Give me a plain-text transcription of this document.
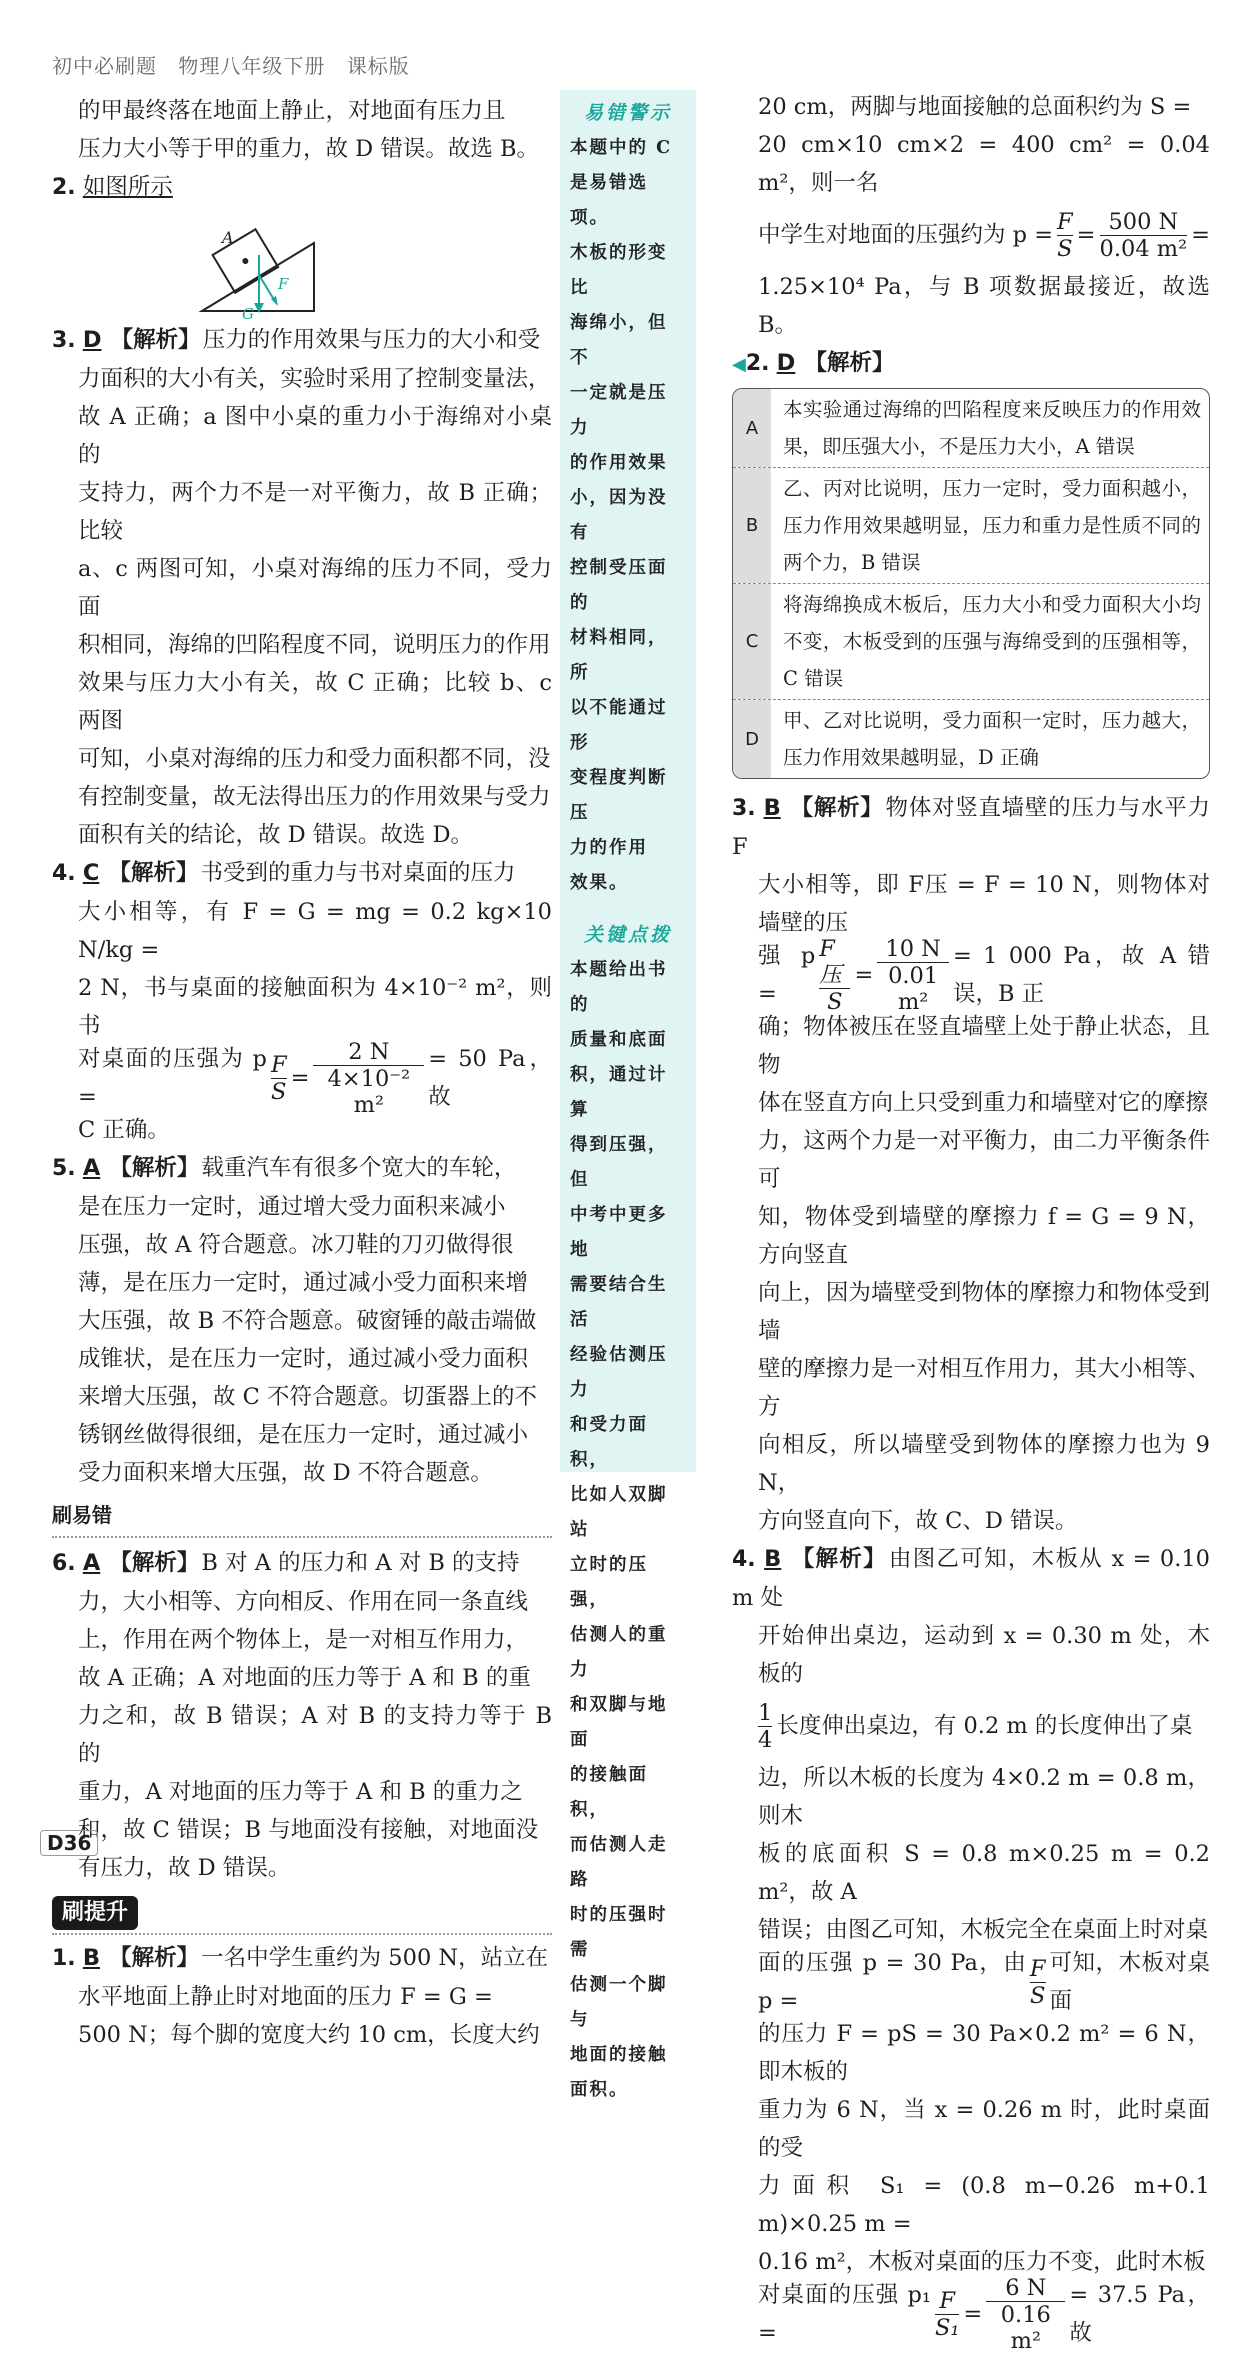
初中必刷题 物理八年级下册 课标版

的甲最终落在地面上静止，对地面有压力且

压力大小等于甲的重力，故 D 错误。故选 B。

2. 如图所示

A
F
G

3. D 【解析】压力的作用效果与压力的大小和受

力面积的大小有关，实验时采用了控制变量法，

故 A 正确；a 图中小桌的重力小于海绵对小桌的

支持力，两个力不是一对平衡力，故 B 正确；比较

a、c 两图可知，小桌对海绵的压力不同，受力面

积相同，海绵的凹陷程度不同，说明压力的作用

效果与压力大小有关，故 C 正确；比较 b、c 两图

可知，小桌对海绵的压力和受力面积都不同，没

有控制变量，故无法得出压力的作用效果与受力

面积有关的结论，故 D 错误。故选 D。

4. C 【解析】书受到的重力与书对桌面的压力

大小相等，有 F = G = mg = 0.2 kg×10 N/kg =

2 N，书与桌面的接触面积为 4×10⁻² m²，则书

对桌面的压强为 p =	$\frac{F}{S} = \frac{2 N}{\text{4×10⁻² m²}} = 50$ Pa，故

C 正确。

5. A 【解析】载重汽车有很多个宽大的车轮，

是在压力一定时，通过增大受力面积来减小

压强，故 A 符合题意。冰刀鞋的刀刃做得很

薄，是在压力一定时，通过减小受力面积来增

大压强，故 B 不符合题意。破窗锤的敲击端做

成锥状，是在压力一定时，通过减小受力面积

来增大压强，故 C 不符合题意。切蛋器上的不

锈钢丝做得很细，是在压力一定时，通过减小

受力面积来增大压强，故 D 不符合题意。

刷易错

6. A 【解析】B 对 A 的压力和 A 对 B 的支持

力，大小相等、方向相反、作用在同一条直线

上，作用在两个物体上，是一对相互作用力，

故 A 正确；A 对地面的压力等于 A 和 B 的重

力之和，故 B 错误；A 对 B 的支持力等于 B 的

重力，A 对地面的压力等于 A 和 B 的重力之

和，故 C 错误；B 与地面没有接触，对地面没

有压力，故 D 错误。

刷提升

1. B 【解析】一名中学生重约为 500 N，站立在

水平地面上静止时对地面的压力 F = G =

500 N；每个脚的宽度大约 10 cm，长度大约

易错警示
本题中的 C
是易错选项。
木板的形变比
海绵小，但不
一定就是压力
的作用效果
小，因为没有
控制受压面的
材料相同，所
以不能通过形
变程度判断压
力的作用
效果。
关键点拨
本题给出书的
质量和底面
积，通过计算
得到压强，但
中考中更多地
需要结合生活
经验估测压力
和受力面积，
比如人双脚站
立时的压强，
估测人的重力
和双脚与地面
的接触面积，
而估测人走路
时的压强时需
估测一个脚与
地面的接触
面积。

20 cm，两脚与地面接触的总面积约为 S =

20 cm×10 cm×2 = 400 cm² = 0.04 m²，则一名

中学生对地面的压强约为 $p = \frac{F}{S} = \frac{500 N}{\text{0.04 m²}}$ =

1.25×10⁴ Pa，与 B 项数据最接近，故选 B。

◀2. D 【解析】

A
本实验通过海绵的凹陷程度来反映压力的作用效果，即压强大小，不是压力大小，A 错误
B
乙、丙对比说明，压力一定时，受力面积越小，压力作用效果越明显，压力和重力是性质不同的两个力，B 错误
C
将海绵换成木板后，压力大小和受力面积大小均不变，木板受到的压强与海绵受到的压强相等，C 错误
D
甲、乙对比说明，受力面积一定时，压力越大，压力作用效果越明显，D 正确

3. B 【解析】物体对竖直墙壁的压力与水平力 F

大小相等，即 F压 = F = 10 N，则物体对墙壁的压

强 p =
F压
S
= $\frac{10 N}{\text{0.01 m²}} = 1$ 000 Pa，故 A 错误，B 正

确；物体被压在竖直墙壁上处于静止状态，且物

体在竖直方向上只受到重力和墙壁对它的摩擦

力，这两个力是一对平衡力，由二力平衡条件可

知，物体受到墙壁的摩擦力 f = G = 9 N，方向竖直

向上，因为墙壁受到物体的摩擦力和物体受到墙

壁的摩擦力是一对相互作用力，其大小相等、方

向相反，所以墙壁受到物体的摩擦力也为 9 N，

方向竖直向下，故 C、D 错误。

4. B 【解析】由图乙可知，木板从 x = 0.10 m 处

开始伸出桌边，运动到 x = 0.30 m 处，木板的

1
4
长度伸出桌边，有 0.2 m 的长度伸出了桌

边，所以木板的长度为 4×0.2 m = 0.8 m，则木

板的底面积 S = 0.8 m×0.25 m = 0.2 m²，故 A

错误；由图乙可知，木板完全在桌面上时对桌

面的压强 p = 30 Pa，由 p =	$\frac{F}{S}$ 可知，木板对桌面

的压力 F = pS = 30 Pa×0.2 m² = 6 N，即木板的

重力为 6 N，当 x = 0.26 m 时，此时桌面的受

力面积 S₁ = (0.8 m−0.26 m+0.1 m)×0.25 m =

0.16 m²，木板对桌面的压力不变，此时木板

对桌面的压强 p₁ =	$\frac{F}{\text{S₁}} = \frac{6 N}{\text{0.16 m²}} = 37.5$ Pa，故
D36
